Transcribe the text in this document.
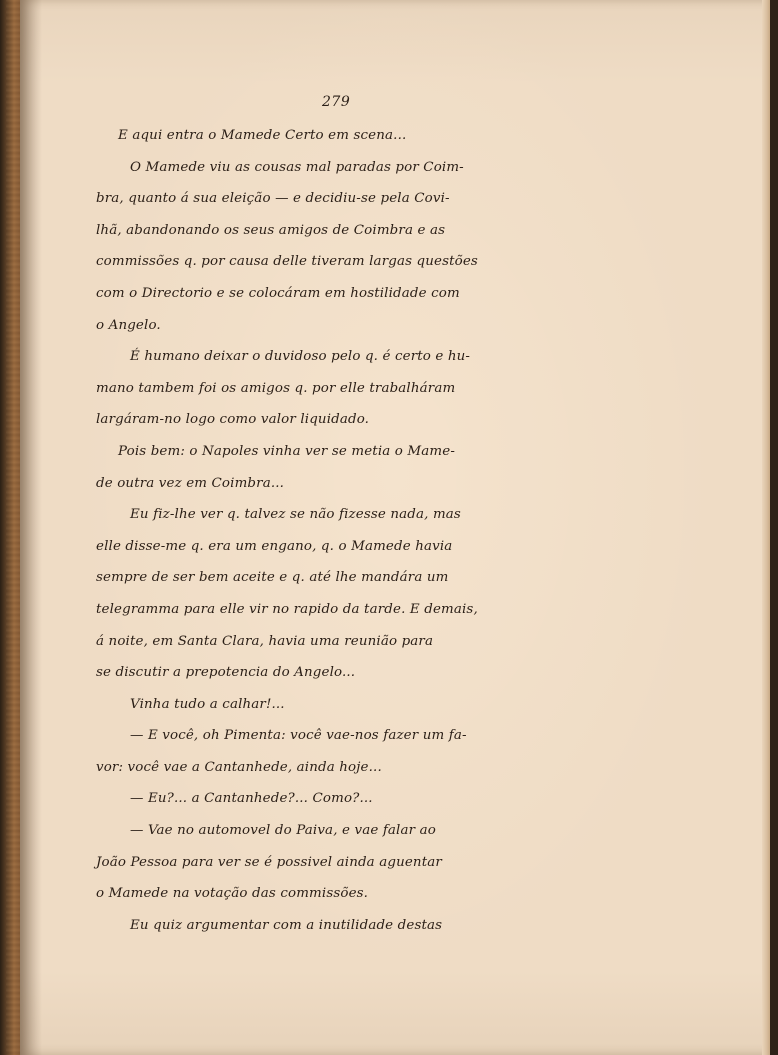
279

E aqui entra o Mamede Certo em scena...
O Mamede viu as cousas mal paradas por Coim-
bra, quanto á sua eleição — e decidiu-se pela Covi-
lhã, abandonando os seus amigos de Coimbra e as
commissões q. por causa delle tiveram largas questões
com o Directorio e se colocáram em hostilidade com
o Angelo.
É humano deixar o duvidoso pelo q. é certo e hu-
mano tambem foi os amigos q. por elle trabalháram
largáram-no logo como valor liquidado.
Pois bem: o Napoles vinha ver se metia o Mame-
de outra vez em Coimbra...
Eu fiz-lhe ver q. talvez se não fizesse nada, mas
elle disse-me q. era um engano, q. o Mamede havia
sempre de ser bem aceite e q. até lhe mandára um
telegramma para elle vir no rapido da tarde. E demais,
á noite, em Santa Clara, havia uma reunião para
se discutir a prepotencia do Angelo...
Vinha tudo a calhar!...
— E você, oh Pimenta: você vae-nos fazer um fa-
vor: você vae a Cantanhede, ainda hoje...
— Eu?... a Cantanhede?... Como?...
— Vae no automovel do Paiva, e vae falar ao
João Pessoa para ver se é possivel ainda aguentar
o Mamede na votação das commissões.
Eu quiz argumentar com a inutilidade destas
